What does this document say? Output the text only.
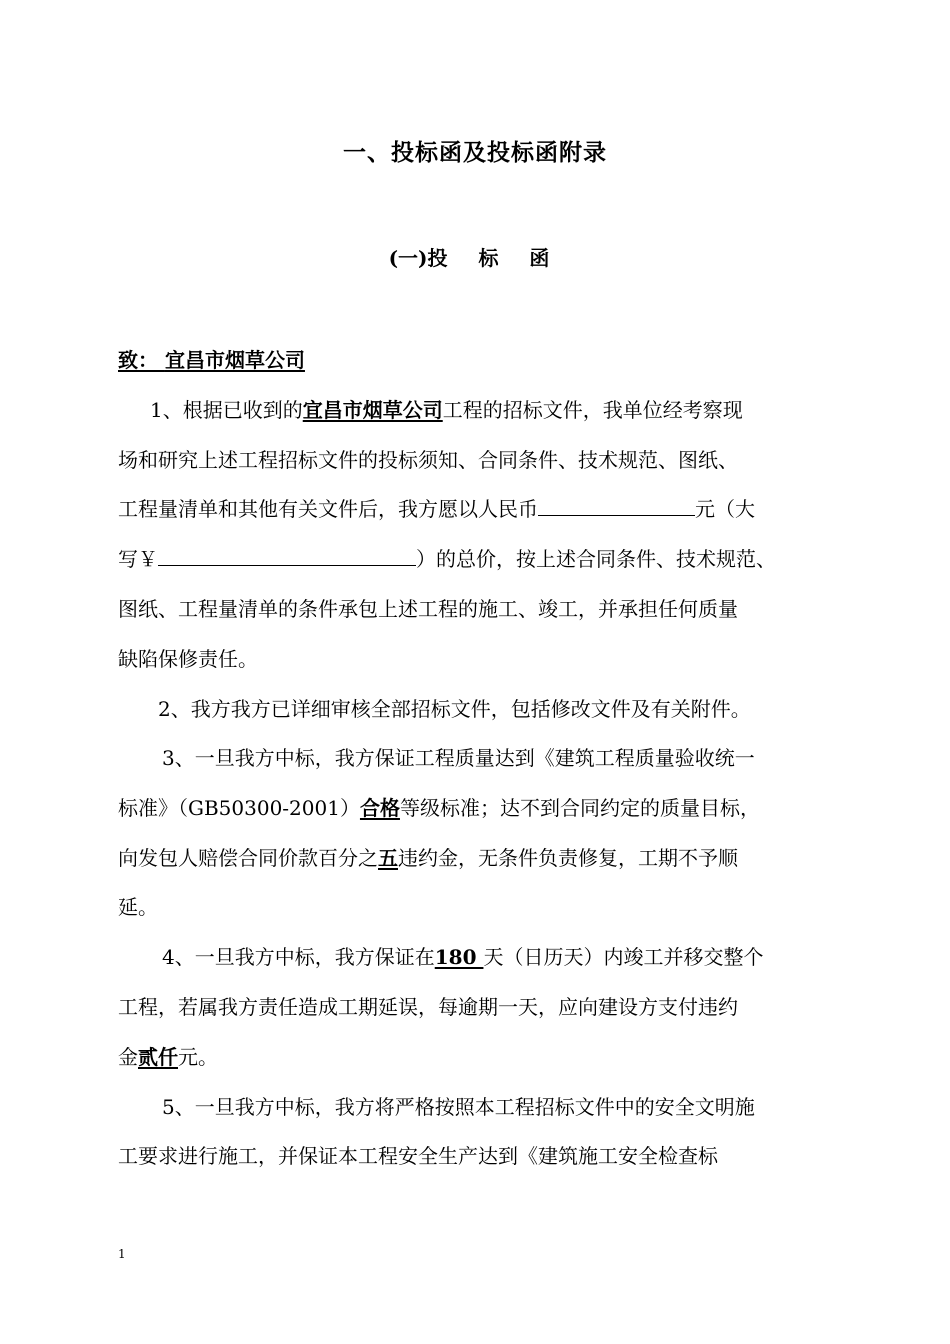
一、投标函及投标函附录
(一)投 标 函
致： 宜昌市烟草公司
1、根据已收到的宜昌市烟草公司工程的招标文件，我单位经考察现
场和研究上述工程招标文件的投标须知、合同条件、技术规范、图纸、
工程量清单和其他有关文件后，我方愿以人民币	元（大
写￥	）的总价，按上述合同条件、技术规范、
图纸、工程量清单的条件承包上述工程的施工、竣工，并承担任何质量
缺陷保修责任。
2、我方我方已详细审核全部招标文件，包括修改文件及有关附件。
3、一旦我方中标，我方保证工程质量达到《建筑工程质量验收统一
标准》（GB50300-2001）合格等级标准；达不到合同约定的质量目标，
向发包人赔偿合同价款百分之五违约金，无条件负责修复，工期不予顺
延。
4、一旦我方中标，我方保证在180 天（日历天）内竣工并移交整个
工程，若属我方责任造成工期延误，每逾期一天，应向建设方支付违约
金贰仟元。
5、一旦我方中标，我方将严格按照本工程招标文件中的安全文明施
工要求进行施工，并保证本工程安全生产达到《建筑施工安全检查标
1
